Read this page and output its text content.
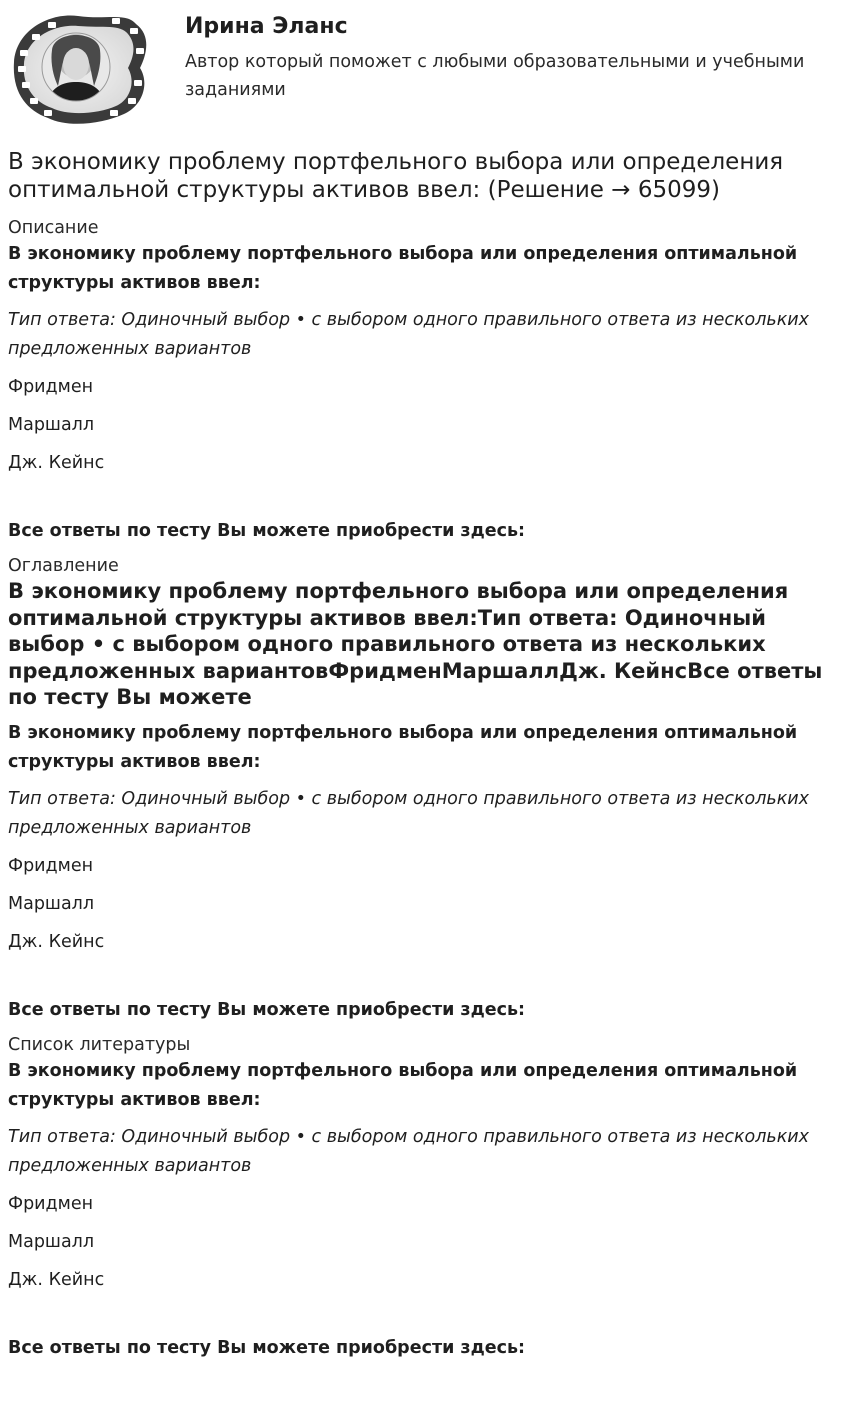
Ирина Эланс

Автор который поможет с любыми образовательными и учебными заданиями

В экономику проблему портфельного выбора или определения оптимальной структуры активов ввел: (Решение → 65099)

Описание

В экономику проблему портфельного выбора или определения оптимальной структуры активов ввел:

Тип ответа: Одиночный выбор • с выбором одного правильного ответа из нескольких предложенных вариантов

Фридмен

Маршалл

Дж. Кейнс

Все ответы по тесту Вы можете приобрести здесь:

Оглавление

В экономику проблему портфельного выбора или определения оптимальной структуры активов ввел:Тип ответа: Одиночный выбор • с выбором одного правильного ответа из нескольких предложенных вариантовФридменМаршаллДж. КейнсВсе ответы по тесту Вы можете

В экономику проблему портфельного выбора или определения оптимальной структуры активов ввел:

Тип ответа: Одиночный выбор • с выбором одного правильного ответа из нескольких предложенных вариантов

Фридмен

Маршалл

Дж. Кейнс

Все ответы по тесту Вы можете приобрести здесь:

Список литературы

В экономику проблему портфельного выбора или определения оптимальной структуры активов ввел:

Тип ответа: Одиночный выбор • с выбором одного правильного ответа из нескольких предложенных вариантов

Фридмен

Маршалл

Дж. Кейнс

Все ответы по тесту Вы можете приобрести здесь:
